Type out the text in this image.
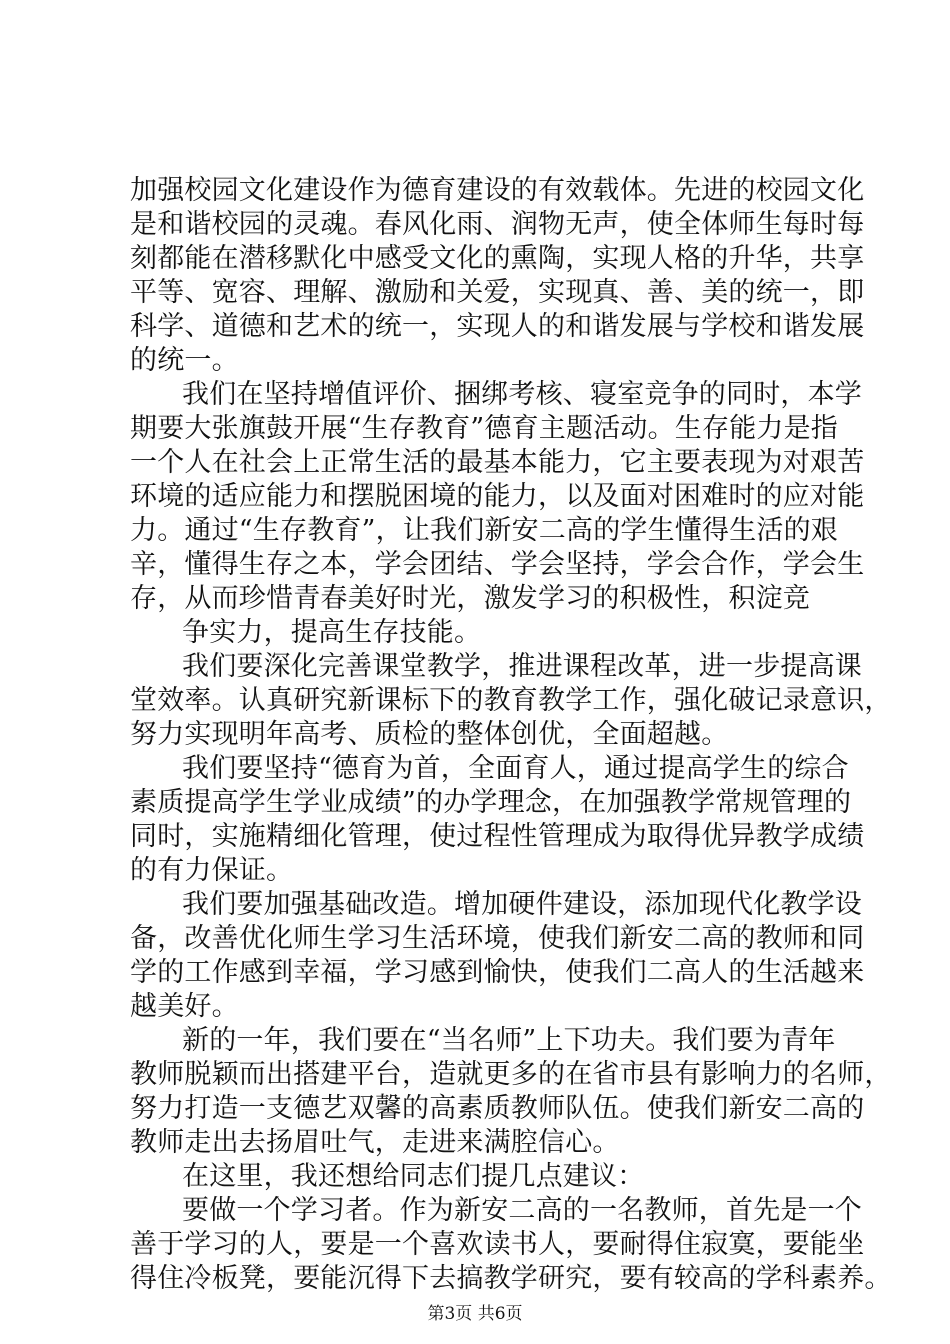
加强校园文化建设作为德育建设的有效载体。先进的校园文化
是和谐校园的灵魂。春风化雨、润物无声，使全体师生每时每
刻都能在潜移默化中感受文化的熏陶，实现人格的升华，共享
平等、宽容、理解、激励和关爱，实现真、善、美的统一，即
科学、道德和艺术的统一，实现人的和谐发展与学校和谐发展
的统一。
我们在坚持增值评价、捆绑考核、寝室竞争的同时，本学
期要大张旗鼓开展“生存教育”德育主题活动。生存能力是指
一个人在社会上正常生活的最基本能力，它主要表现为对艰苦
环境的适应能力和摆脱困境的能力，以及面对困难时的应对能
力。通过“生存教育”，让我们新安二高的学生懂得生活的艰
辛，懂得生存之本，学会团结、学会坚持，学会合作，学会生
存，从而珍惜青春美好时光，激发学习的积极性，积淀竞
争实力，提高生存技能。
我们要深化完善课堂教学，推进课程改革，进一步提高课
堂效率。认真研究新课标下的教育教学工作，强化破记录意识，
努力实现明年高考、质检的整体创优，全面超越。
我们要坚持“德育为首，全面育人，通过提高学生的综合
素质提高学生学业成绩”的办学理念，在加强教学常规管理的
同时，实施精细化管理，使过程性管理成为取得优异教学成绩
的有力保证。
我们要加强基础改造。增加硬件建设，添加现代化教学设
备，改善优化师生学习生活环境，使我们新安二高的教师和同
学的工作感到幸福，学习感到愉快，使我们二高人的生活越来
越美好。
新的一年，我们要在“当名师”上下功夫。我们要为青年
教师脱颖而出搭建平台，造就更多的在省市县有影响力的名师，
努力打造一支德艺双馨的高素质教师队伍。使我们新安二高的
教师走出去扬眉吐气，走进来满腔信心。
在这里，我还想给同志们提几点建议：
要做一个学习者。作为新安二高的一名教师，首先是一个
善于学习的人，要是一个喜欢读书人，要耐得住寂寞，要能坐
得住冷板凳，要能沉得下去搞教学研究，要有较高的学科素养。
第3页 共6页
